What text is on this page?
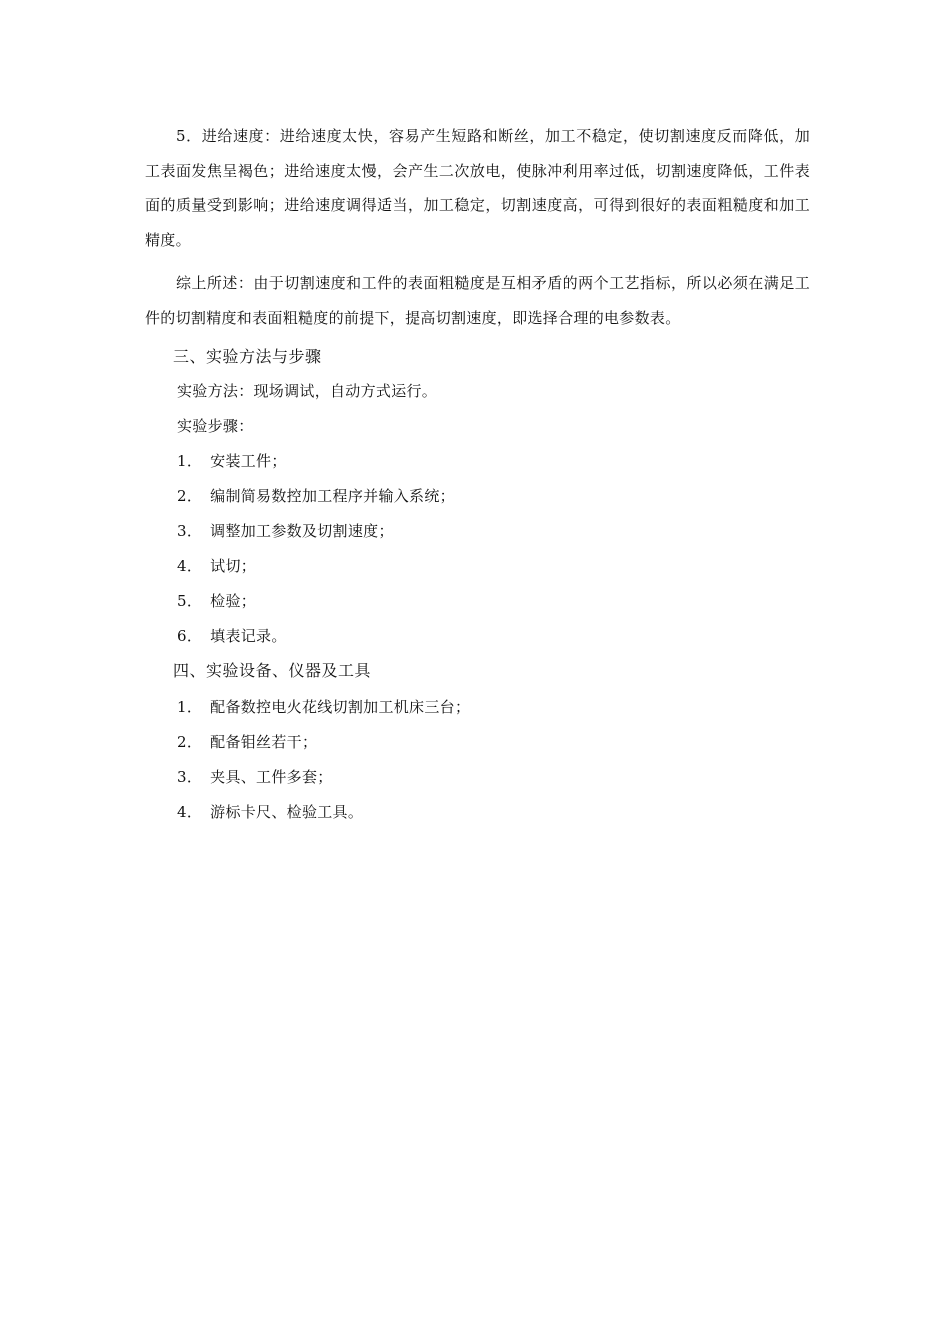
5．进给速度：进给速度太快，容易产生短路和断丝，加工不稳定，使切割速度反而降低，加工表面发焦呈褐色；进给速度太慢，会产生二次放电，使脉冲利用率过低，切割速度降低，工件表面的质量受到影响；进给速度调得适当，加工稳定，切割速度高，可得到很好的表面粗糙度和加工精度。

综上所述：由于切割速度和工件的表面粗糙度是互相矛盾的两个工艺指标，所以必须在满足工件的切割精度和表面粗糙度的前提下，提高切割速度，即选择合理的电参数表。

三、实验方法与步骤
实验方法：现场调试，自动方式运行。
实验步骤：
1． 安装工件；
2． 编制简易数控加工程序并输入系统；
3． 调整加工参数及切割速度；
4． 试切；
5． 检验；
6． 填表记录。
四、实验设备、仪器及工具
1． 配备数控电火花线切割加工机床三台；
2． 配备钼丝若干；
3． 夹具、工件多套；
4． 游标卡尺、检验工具。
